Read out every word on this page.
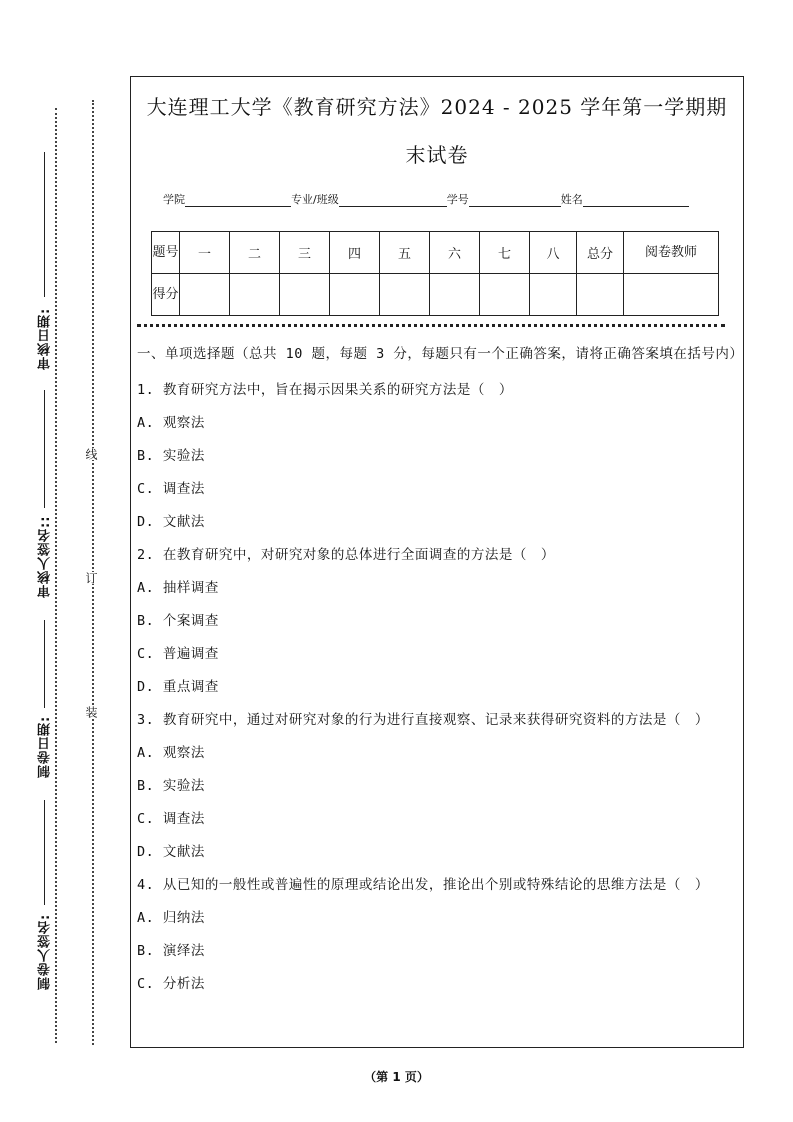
审核日期:
审核人签名::
制卷日期:
制卷人签名:
线
订
装
大连理工大学《教育研究方法》2024 - 2025 学年第一学期期末试卷
学院	专业/班级	学号	姓名
题号	一	二	三	四	五	六	七	八	总分	阅卷教师
得分										

一、单项选择题（总共 10 题，每题 3 分，每题只有一个正确答案，请将正确答案填在括号内）

1. 教育研究方法中，旨在揭示因果关系的研究方法是（　）

A. 观察法

B. 实验法

C. 调查法

D. 文献法

2. 在教育研究中，对研究对象的总体进行全面调查的方法是（　）

A. 抽样调查

B. 个案调查

C. 普遍调查

D. 重点调查

3. 教育研究中，通过对研究对象的行为进行直接观察、记录来获得研究资料的方法是（　）

A. 观察法

B. 实验法

C. 调查法

D. 文献法

4. 从已知的一般性或普遍性的原理或结论出发，推论出个别或特殊结论的思维方法是（　）

A. 归纳法

B. 演绎法

C. 分析法

（第 1 页）
